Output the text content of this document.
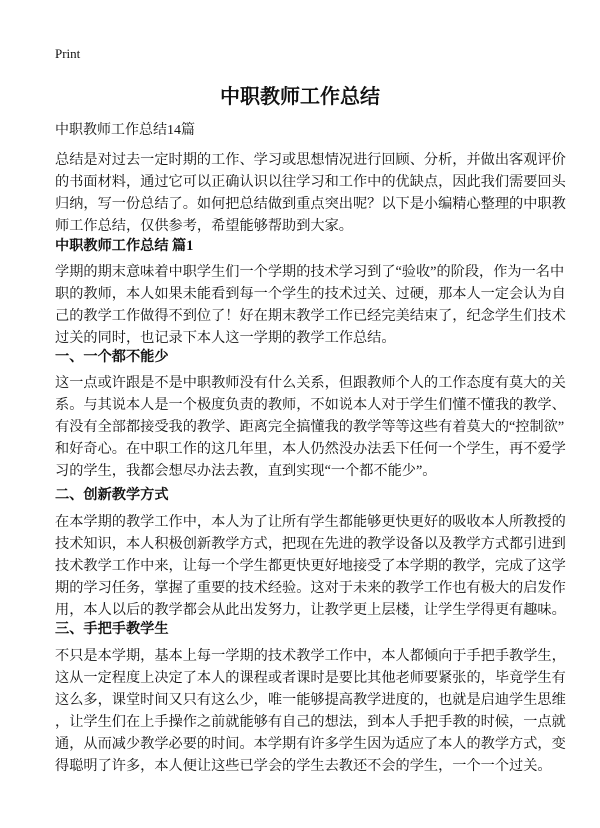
Print
中职教师工作总结
中职教师工作总结14篇
总结是对过去一定时期的工作、学习或思想情况进行回顾、分析，并做出客观评价
的书面材料，通过它可以正确认识以往学习和工作中的优缺点，因此我们需要回头
归纳，写一份总结了。如何把总结做到重点突出呢？以下是小编精心整理的中职教
师工作总结，仅供参考，希望能够帮助到大家。
中职教师工作总结 篇1
学期的期末意味着中职学生们一个学期的技术学习到了“验收”的阶段，作为一名中
职的教师，本人如果未能看到每一个学生的技术过关、过硬，那本人一定会认为自
己的教学工作做得不到位了！好在期末教学工作已经完美结束了，纪念学生们技术
过关的同时，也记录下本人这一学期的教学工作总结。
一、一个都不能少
这一点或许跟是不是中职教师没有什么关系，但跟教师个人的工作态度有莫大的关
系。与其说本人是一个极度负责的教师，不如说本人对于学生们懂不懂我的教学、
有没有全部都接受我的教学、距离完全搞懂我的教学等等这些有着莫大的“控制欲”
和好奇心。在中职工作的这几年里，本人仍然没办法丢下任何一个学生，再不爱学
习的学生，我都会想尽办法去教，直到实现“一个都不能少”。
二、创新教学方式
在本学期的教学工作中，本人为了让所有学生都能够更快更好的吸收本人所教授的
技术知识，本人积极创新教学方式，把现在先进的教学设备以及教学方式都引进到
技术教学工作中来，让每一个学生都更快更好地接受了本学期的教学，完成了这学
期的学习任务，掌握了重要的技术经验。这对于未来的教学工作也有极大的启发作
用，本人以后的教学都会从此出发努力，让教学更上层楼，让学生学得更有趣味。
三、手把手教学生
不只是本学期，基本上每一学期的技术教学工作中，本人都倾向于手把手教学生，
这从一定程度上决定了本人的课程或者课时是要比其他老师要紧张的，毕竟学生有
这么多，课堂时间又只有这么少，唯一能够提高教学进度的，也就是启迪学生思维
，让学生们在上手操作之前就能够有自己的想法，到本人手把手教的时候，一点就
通，从而减少教学必要的时间。本学期有许多学生因为适应了本人的教学方式，变
得聪明了许多，本人便让这些已学会的学生去教还不会的学生，一个一个过关。
